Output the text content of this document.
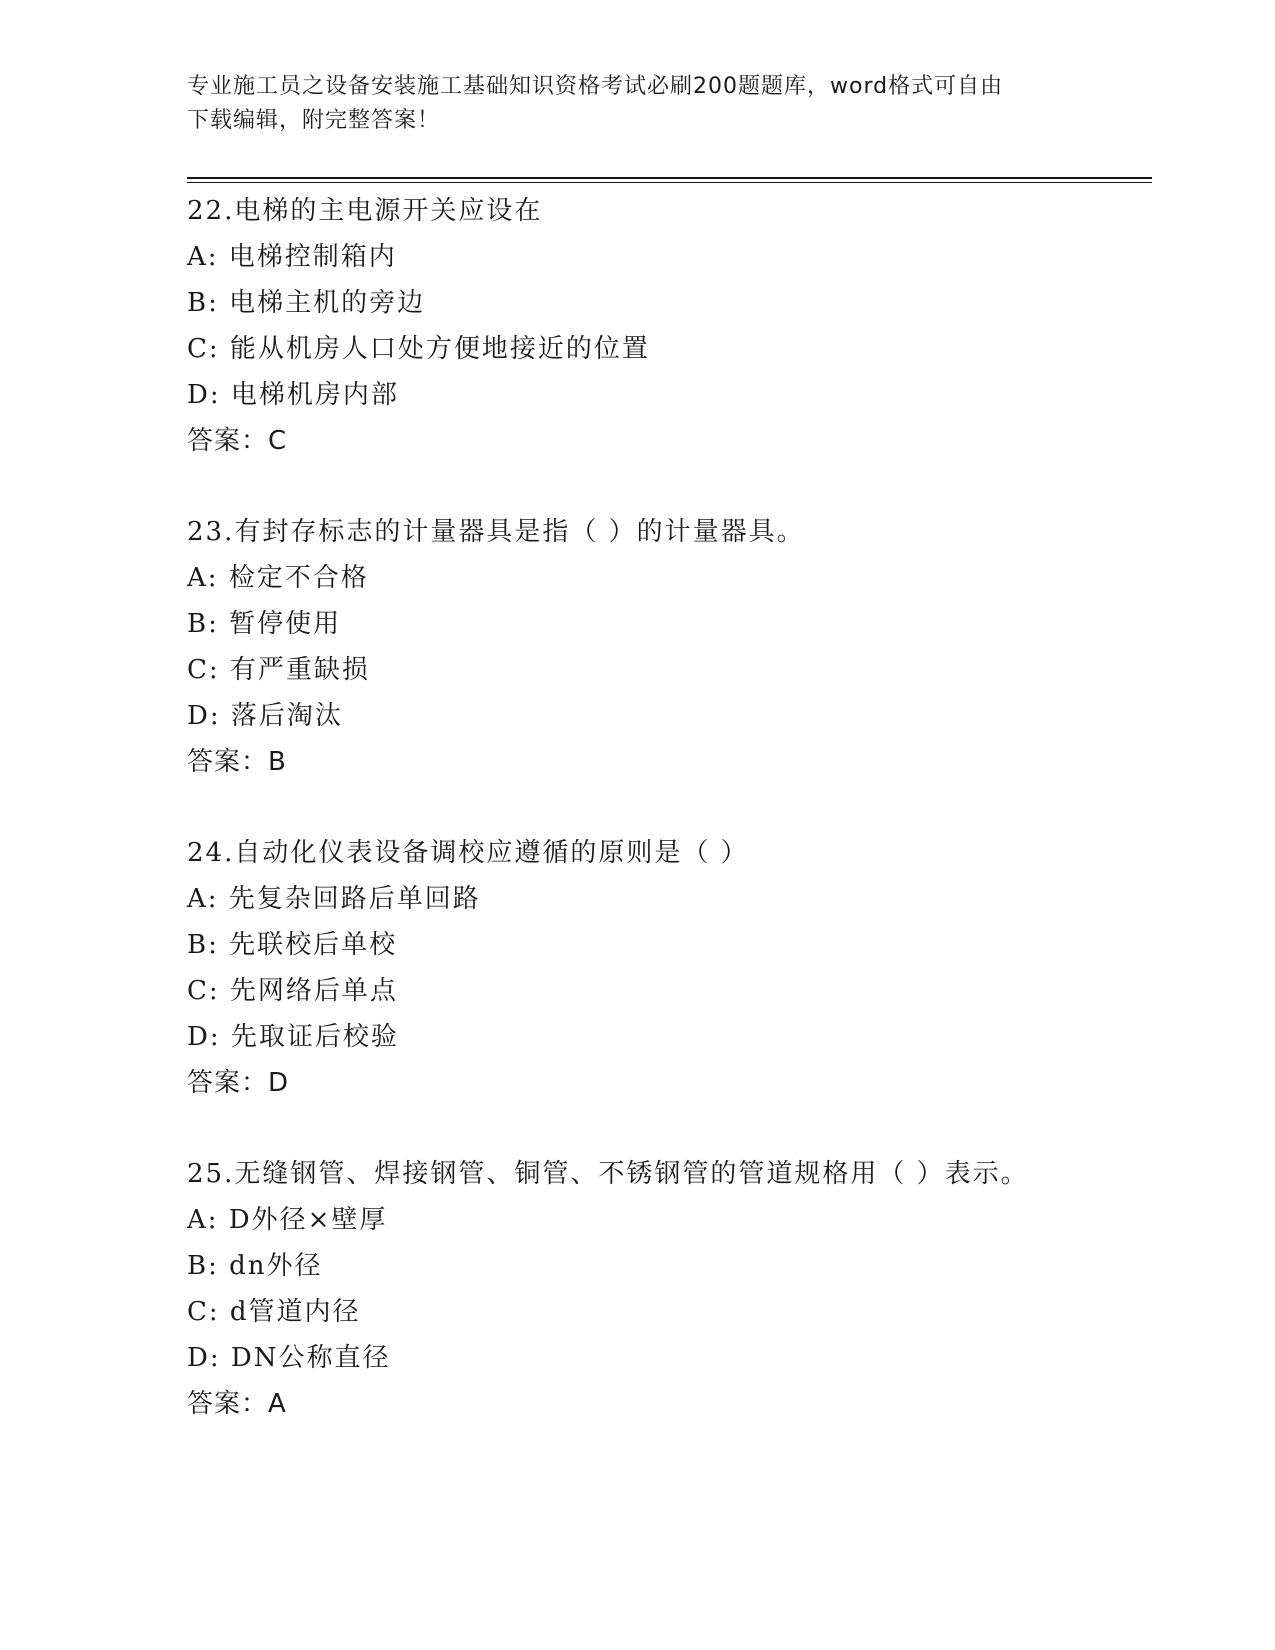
专业施工员之设备安装施工基础知识资格考试必刷200题题库，word格式可自由
下载编辑，附完整答案！
22.电梯的主电源开关应设在
A: 电梯控制箱内
B: 电梯主机的旁边
C: 能从机房人口处方便地接近的位置
D: 电梯机房内部
答案：C
23.有封存标志的计量器具是指（ ）的计量器具。
A: 检定不合格
B: 暂停使用
C: 有严重缺损
D: 落后淘汰
答案：B
24.自动化仪表设备调校应遵循的原则是（ ）
A: 先复杂回路后单回路
B: 先联校后单校
C: 先网络后单点
D: 先取证后校验
答案：D
25.无缝钢管、焊接钢管、铜管、不锈钢管的管道规格用（ ）表示。
A: D外径×壁厚
B: dn外径
C: d管道内径
D: DN公称直径
答案：A
